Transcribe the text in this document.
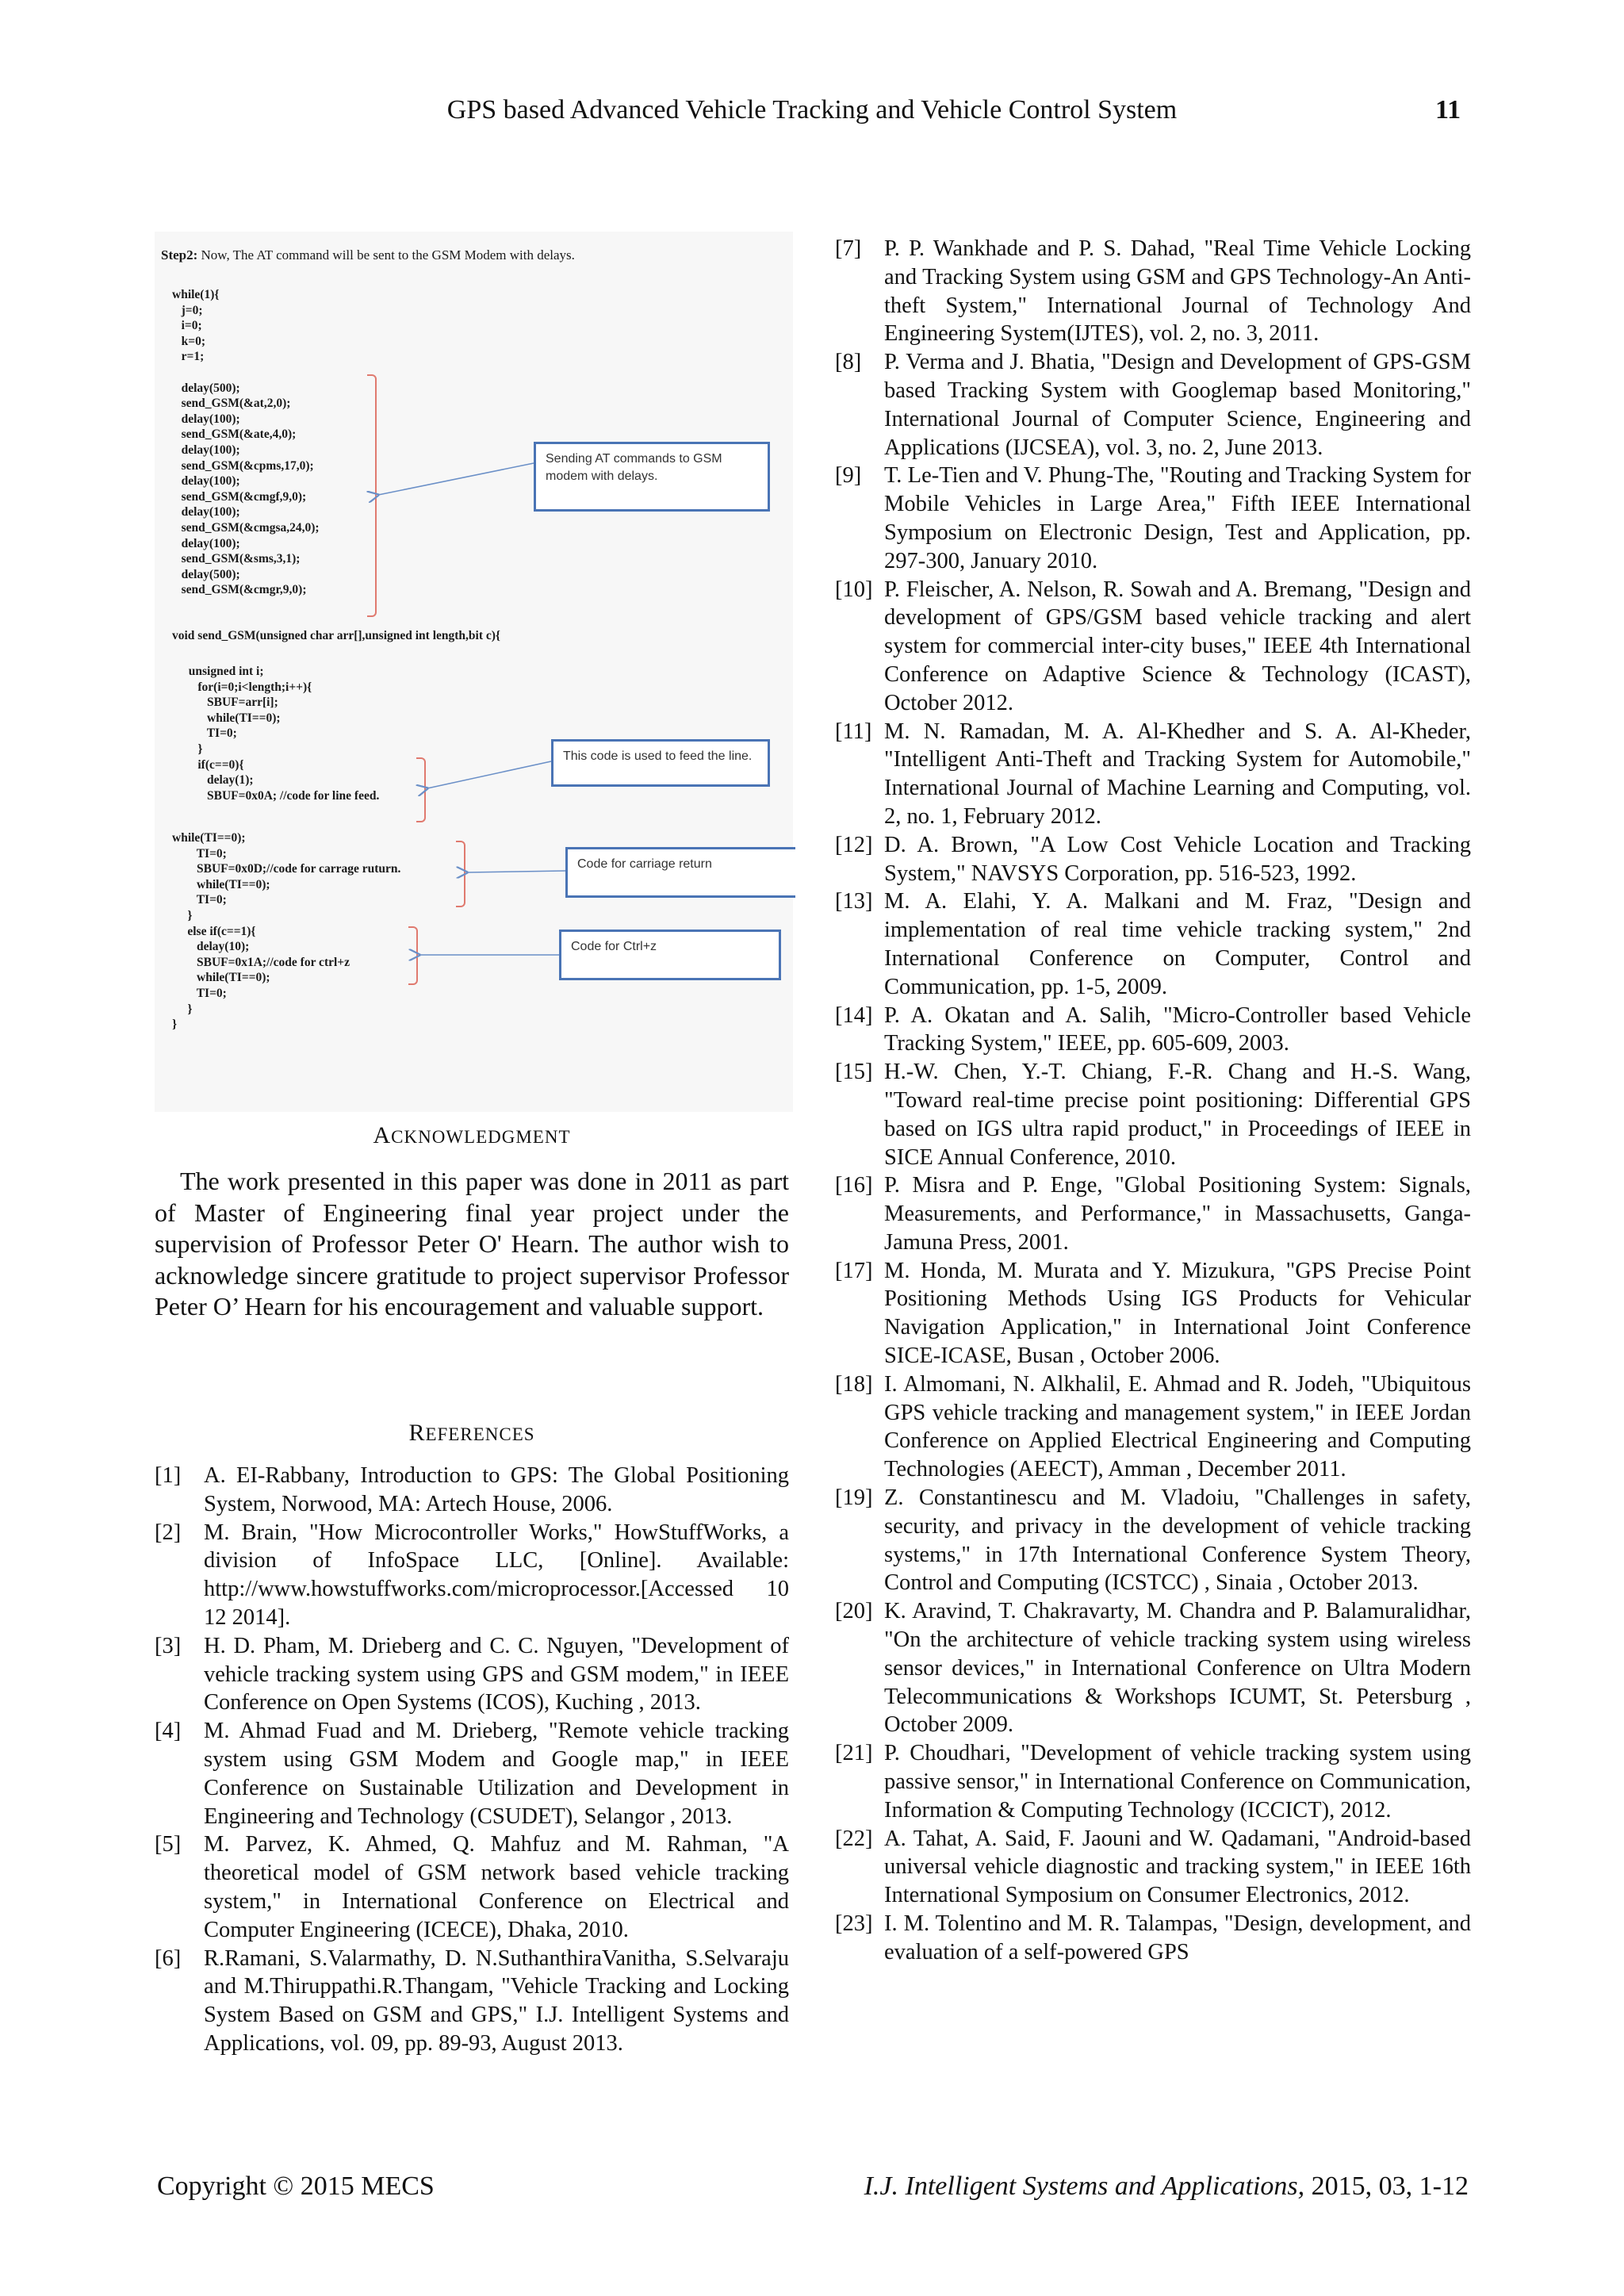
GPS based Advanced Vehicle Tracking and Vehicle Control System	11
Step2: Now, The AT command will be sent to the GSM Modem with delays.
while(1){
j=0;
i=0;
k=0;
r=1;

delay(500);
send_GSM(&at,2,0);
delay(100);
send_GSM(&ate,4,0);
delay(100);
send_GSM(&cpms,17,0);
delay(100);
send_GSM(&cmgf,9,0);
delay(100);
send_GSM(&cmgsa,24,0);
delay(100);
send_GSM(&sms,3,1);
delay(500);
send_GSM(&cmgr,9,0);
void send_GSM(unsigned char arr[],unsigned int length,bit c){
unsigned int i;
for(i=0;i<length;i++){
SBUF=arr[i];
while(TI==0);
TI=0;
}
if(c==0){
delay(1);
SBUF=0x0A; //code for line feed.
while(TI==0);
TI=0;
SBUF=0x0D;//code for carrage ruturn.
while(TI==0);
TI=0;
}
else if(c==1){
delay(10);
SBUF=0x1A;//code for ctrl+z
while(TI==0);
TI=0;
}
}
Sending AT commands to GSM modem with delays.
This code is used to feed the line.
Code for carriage return
Code for Ctrl+z
ACKNOWLEDGMENT
The work presented in this paper was done in 2011 as part of Master of Engineering final year project under the supervision of Professor Peter O' Hearn. The author wish to acknowledge sincere gratitude to project supervisor Professor Peter O’ Hearn for his encouragement and valuable support.
REFERENCES
[1] A. EI-Rabbany, Introduction to GPS: The Global Positioning System, Norwood, MA: Artech House, 2006.
[2] M. Brain, "How Microcontroller Works," HowStuffWorks, a division of InfoSpace LLC, [Online]. Available: http://www.howstuffworks.com/microprocessor.[Accessed 10 12 2014].
[3] H. D. Pham, M. Drieberg and C. C. Nguyen, "Development of vehicle tracking system using GPS and GSM modem," in IEEE Conference on Open Systems (ICOS), Kuching , 2013.
[4] M. Ahmad Fuad and M. Drieberg, "Remote vehicle tracking system using GSM Modem and Google map," in IEEE Conference on Sustainable Utilization and Development in Engineering and Technology (CSUDET), Selangor , 2013.
[5] M. Parvez, K. Ahmed, Q. Mahfuz and M. Rahman, "A theoretical model of GSM network based vehicle tracking system," in International Conference on Electrical and Computer Engineering (ICECE), Dhaka, 2010.
[6] R.Ramani, S.Valarmathy, D. N.SuthanthiraVanitha, S.Selvaraju and M.Thiruppathi.R.Thangam, "Vehicle Tracking and Locking System Based on GSM and GPS," I.J. Intelligent Systems and Applications, vol. 09, pp. 89-93, August 2013.
[7] P. P. Wankhade and P. S. Dahad, "Real Time Vehicle Locking and Tracking System using GSM and GPS Technology-An Anti-theft System," International Journal of Technology And Engineering System(IJTES), vol. 2, no. 3, 2011.
[8] P. Verma and J. Bhatia, "Design and Development of GPS-GSM based Tracking System with Googlemap based Monitoring," International Journal of Computer Science, Engineering and Applications (IJCSEA), vol. 3, no. 2, June 2013.
[9] T. Le-Tien and V. Phung-The, "Routing and Tracking System for Mobile Vehicles in Large Area," Fifth IEEE International Symposium on Electronic Design, Test and Application, pp. 297-300, January 2010.
[10] P. Fleischer, A. Nelson, R. Sowah and A. Bremang, "Design and development of GPS/GSM based vehicle tracking and alert system for commercial inter-city buses," IEEE 4th International Conference on Adaptive Science & Technology (ICAST), October 2012.
[11] M. N. Ramadan, M. A. Al-Khedher and S. A. Al-Kheder, "Intelligent Anti-Theft and Tracking System for Automobile," International Journal of Machine Learning and Computing, vol. 2, no. 1, February 2012.
[12] D. A. Brown, "A Low Cost Vehicle Location and Tracking System," NAVSYS Corporation, pp. 516-523, 1992.
[13] M. A. Elahi, Y. A. Malkani and M. Fraz, "Design and implementation of real time vehicle tracking system," 2nd International Conference on Computer, Control and Communication, pp. 1-5, 2009.
[14] P. A. Okatan and A. Salih, "Micro-Controller based Vehicle Tracking System," IEEE, pp. 605-609, 2003.
[15] H.-W. Chen, Y.-T. Chiang, F.-R. Chang and H.-S. Wang, "Toward real-time precise point positioning: Differential GPS based on IGS ultra rapid product," in Proceedings of IEEE in SICE Annual Conference, 2010.
[16] P. Misra and P. Enge, "Global Positioning System: Signals, Measurements, and Performance," in Massachusetts, Ganga-Jamuna Press, 2001.
[17] M. Honda, M. Murata and Y. Mizukura, "GPS Precise Point Positioning Methods Using IGS Products for Vehicular Navigation Application," in International Joint Conference SICE-ICASE, Busan , October 2006.
[18] I. Almomani, N. Alkhalil, E. Ahmad and R. Jodeh, "Ubiquitous GPS vehicle tracking and management system," in IEEE Jordan Conference on Applied Electrical Engineering and Computing Technologies (AEECT), Amman , December 2011.
[19] Z. Constantinescu and M. Vladoiu, "Challenges in safety, security, and privacy in the development of vehicle tracking systems," in 17th International Conference System Theory, Control and Computing (ICSTCC) , Sinaia , October 2013.
[20] K. Aravind, T. Chakravarty, M. Chandra and P. Balamuralidhar, "On the architecture of vehicle tracking system using wireless sensor devices," in International Conference on Ultra Modern Telecommunications & Workshops ICUMT, St. Petersburg , October 2009.
[21] P. Choudhari, "Development of vehicle tracking system using passive sensor," in International Conference on Communication, Information & Computing Technology (ICCICT), 2012.
[22] A. Tahat, A. Said, F. Jaouni and W. Qadamani, "Android-based universal vehicle diagnostic and tracking system," in IEEE 16th International Symposium on Consumer Electronics, 2012.
[23] I. M. Tolentino and M. R. Talampas, "Design, development, and evaluation of a self-powered GPS
Copyright © 2015 MECS	I.J. Intelligent Systems and Applications, 2015, 03, 1-12
